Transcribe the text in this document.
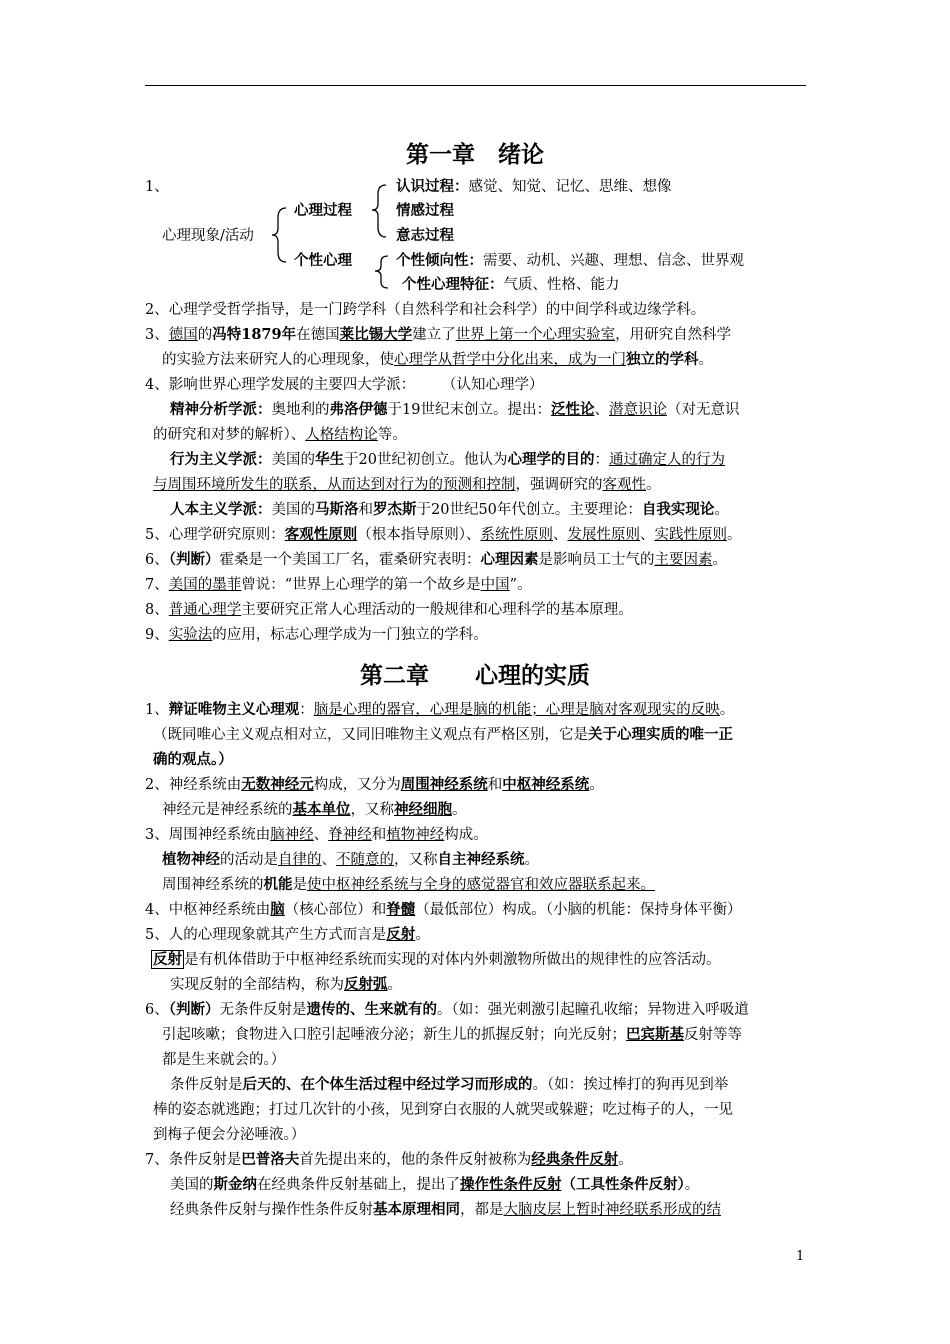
第一章　绪论
1、
心理现象/活动
心理过程
个性心理
认识过程：感觉、知觉、记忆、思维、想像
情感过程
意志过程
个性倾向性：需要、动机、兴趣、理想、信念、世界观
个性心理特征：气质、性格、能力
2、心理学受哲学指导，是一门跨学科（自然科学和社会科学）的中间学科或边缘学科。
3、德国的冯特1879年在德国莱比锡大学建立了世界上第一个心理实验室，用研究自然科学
的实验方法来研究人的心理现象，使心理学从哲学中分化出来，成为一门独立的学科。
4、影响世界心理学发展的主要四大学派： （认知心理学）
精神分析学派：奥地利的弗洛伊德于19世纪末创立。提出：泛性论、潜意识论（对无意识
的研究和对梦的解析）、人格结构论等。
行为主义学派：美国的华生于20世纪初创立。他认为心理学的目的：通过确定人的行为
与周围环境所发生的联系，从而达到对行为的预测和控制，强调研究的客观性。
人本主义学派：美国的马斯洛和罗杰斯于20世纪50年代创立。主要理论：自我实现论。
5、心理学研究原则：客观性原则（根本指导原则）、系统性原则、发展性原则、实践性原则。
6、（判断）霍桑是一个美国工厂名，霍桑研究表明：心理因素是影响员工士气的主要因素。
7、美国的墨菲曾说：“世界上心理学的第一个故乡是中国”。
8、普通心理学主要研究正常人心理活动的一般规律和心理科学的基本原理。
9、实验法的应用，标志心理学成为一门独立的学科。
第二章　　心理的实质
1、辩证唯物主义心理观：脑是心理的器官，心理是脑的机能；心理是脑对客观现实的反映。
（既同唯心主义观点相对立，又同旧唯物主义观点有严格区别，它是关于心理实质的唯一正
确的观点。）
2、神经系统由无数神经元构成，又分为周围神经系统和中枢神经系统。
神经元是神经系统的基本单位，又称神经细胞。
3、周围神经系统由脑神经、脊神经和植物神经构成。
植物神经的活动是自律的、不随意的，又称自主神经系统。
周围神经系统的机能是使中枢神经系统与全身的感觉器官和效应器联系起来。
4、中枢神经系统由脑（核心部位）和脊髓（最低部位）构成。（小脑的机能：保持身体平衡）
5、人的心理现象就其产生方式而言是反射。
反射 是有机体借助于中枢神经系统而实现的对体内外刺激物所做出的规律性的应答活动。
实现反射的全部结构，称为反射弧。
6、（判断）无条件反射是遗传的、生来就有的。（如：强光刺激引起瞳孔收缩；异物进入呼吸道
引起咳嗽；食物进入口腔引起唾液分泌；新生儿的抓握反射；向光反射；巴宾斯基反射等等
都是生来就会的。）
条件反射是后天的、在个体生活过程中经过学习而形成的。（如：挨过棒打的狗再见到举
棒的姿态就逃跑；打过几次针的小孩，见到穿白衣服的人就哭或躲避；吃过梅子的人，一见
到梅子便会分泌唾液。）
7、条件反射是巴普洛夫首先提出来的，他的条件反射被称为经典条件反射。
美国的斯金纳在经典条件反射基础上，提出了操作性条件反射（工具性条件反射）。
经典条件反射与操作性条件反射基本原理相同，都是大脑皮层上暂时神经联系形成的结
1
